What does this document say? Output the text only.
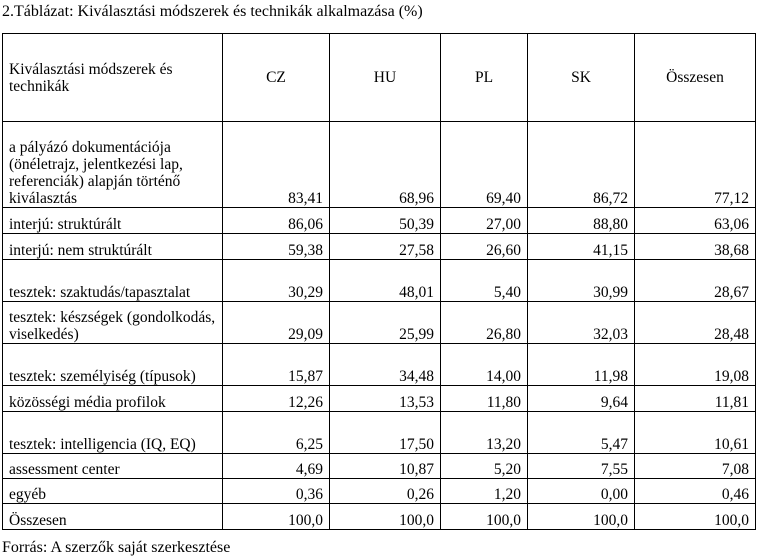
2.Táblázat: Kiválasztási módszerek és technikák alkalmazása (%)
Kiválasztási módszerek és technikák	CZ	HU	PL	SK	Összesen
a pályázó dokumentációja (önéletrajz, jelentkezési lap, referenciák) alapján történő kiválasztás	83,41	68,96	69,40	86,72	77,12
interjú: struktúrált	86,06	50,39	27,00	88,80	63,06
interjú: nem struktúrált	59,38	27,58	26,60	41,15	38,68
tesztek: szaktudás/tapasztalat	30,29	48,01	5,40	30,99	28,67
tesztek: készségek (gondolkodás, viselkedés)	29,09	25,99	26,80	32,03	28,48
tesztek: személyiség (típusok)	15,87	34,48	14,00	11,98	19,08
közösségi média profilok	12,26	13,53	11,80	9,64	11,81
tesztek: intelligencia (IQ, EQ)	6,25	17,50	13,20	5,47	10,61
assessment center	4,69	10,87	5,20	7,55	7,08
egyéb	0,36	0,26	1,20	0,00	0,46
Összesen	100,0	100,0	100,0	100,0	100,0
Forrás: A szerzők saját szerkesztése
